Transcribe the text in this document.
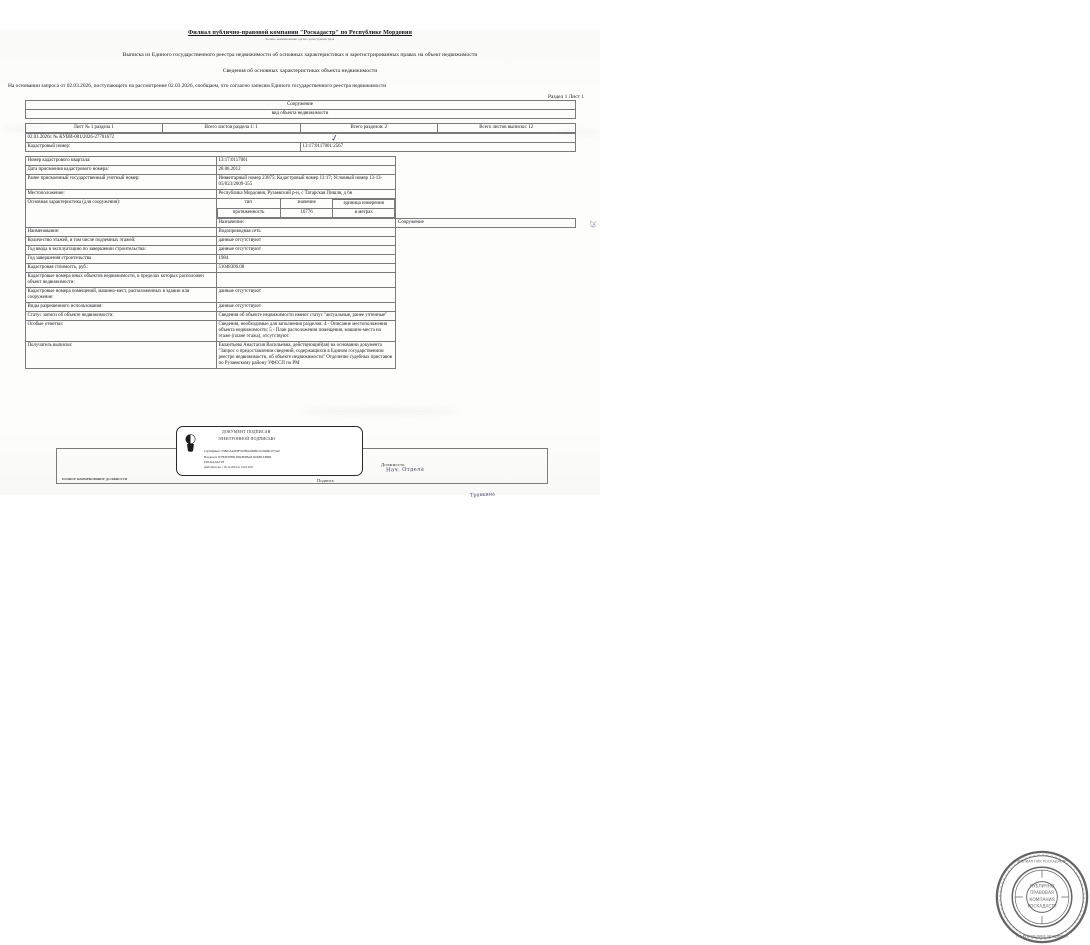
Филиал публично-правовой компании "Роскадастр" по Республике Мордовия
полное наименование органа регистрации прав
Выписка из Единого государственного реестра недвижимости об основных характеристиках и зарегистрированных правах на объект недвижимости
Сведения об основных характеристиках объекта недвижимости
На основании запроса от 02.03.2026, поступающего на рассмотрение 02.03.2026, сообщаем, что согласно записям Единого государственного реестра недвижимости
Раздел 1 Лист 1
Сооружение
вид объекта недвижимости
Лист № 1 раздела 1	Всего листов раздела 1: 1	Всего разделов: 2	Всего листов выписки: 12
02.03.2026г. № КУВИ-001/2026-27701672
Кадастровый номер:	13:17:0117001:2567
Номер кадастрового квартала:	13:17:0117001
Дата присвоения кадастрового номера:	28.06.2012
Ранее присвоенный государственный учетный номер:	Инвентарный номер 23875; Кадастровый номер 13:17; Условный номер 13-13-05/023/2009-355
Местоположение:	Республика Мордовия, Рузаевский р-н, с Татарская Пишля, д 6н
Основная характеристика (для сооружения):		тип	значение	единица измерения
протяженность	16776	в метрах

Назначение:	Сооружение
Наименование:	Водопроводная сеть
Количество этажей, в том числе подземных этажей:	данные отсутствуют
Год ввода в эксплуатацию по завершении строительства:	данные отсутствуют
Год завершения строительства	1984
Кадастровая стоимость, руб.:	51048306.08
Кадастровые номера иных объектов недвижимости, в пределах которых расположен объект недвижимости:	
Кадастровые номера помещений, машино-мест, расположенных в здании или сооружение:	данные отсутствуют
Виды разрешенного использования:	данные отсутствуют
Статус записи об объекте недвижимости:	Сведения об объекте недвижимости имеют статус "актуальные, ранее учтенные"
Особые отметки:	Сведения, необходимые для заполнения разделов: 4 - Описание местоположения объекта недвижимости; 5 - План расположения помещения, машино-места на этаже (плане этажа), отсутствуют.
Получатель выписки:	Евлантьева Анастасия Васильевна, действующий(ая) на основании документа "Запрос о предоставлении сведений, содержащихся в Едином государственном реестре недвижимости, об объекте недвижимости" Отделение судебных приставов по Рузаевскому району УФССП по РМ
ДОКУМЕНТ ПОДПИСАН
ЭЛЕКТРОННОЙ ПОДПИСЬЮ
Сертификат: 03B013A0E0F910894200BD1410486C075A0
Владелец: ПУБЛИЧНО-ПРАВОВАЯ КОМПАНИЯ
РОСКАДАСТР
Действителен: с 26.12.2024 по 19.03.2027
полное наименование должности
Должность
Подпись
Нач. Отдела
Травкина
ПУБЛИЧНО
ПРАВОВАЯ
КОМПАНИЯ
РОСКАДАСТР
ФИЛИАЛ ППК РОСКАДАСТР
ПО РЕСПУБЛИКЕ МОРДОВИЯ
✓
29
